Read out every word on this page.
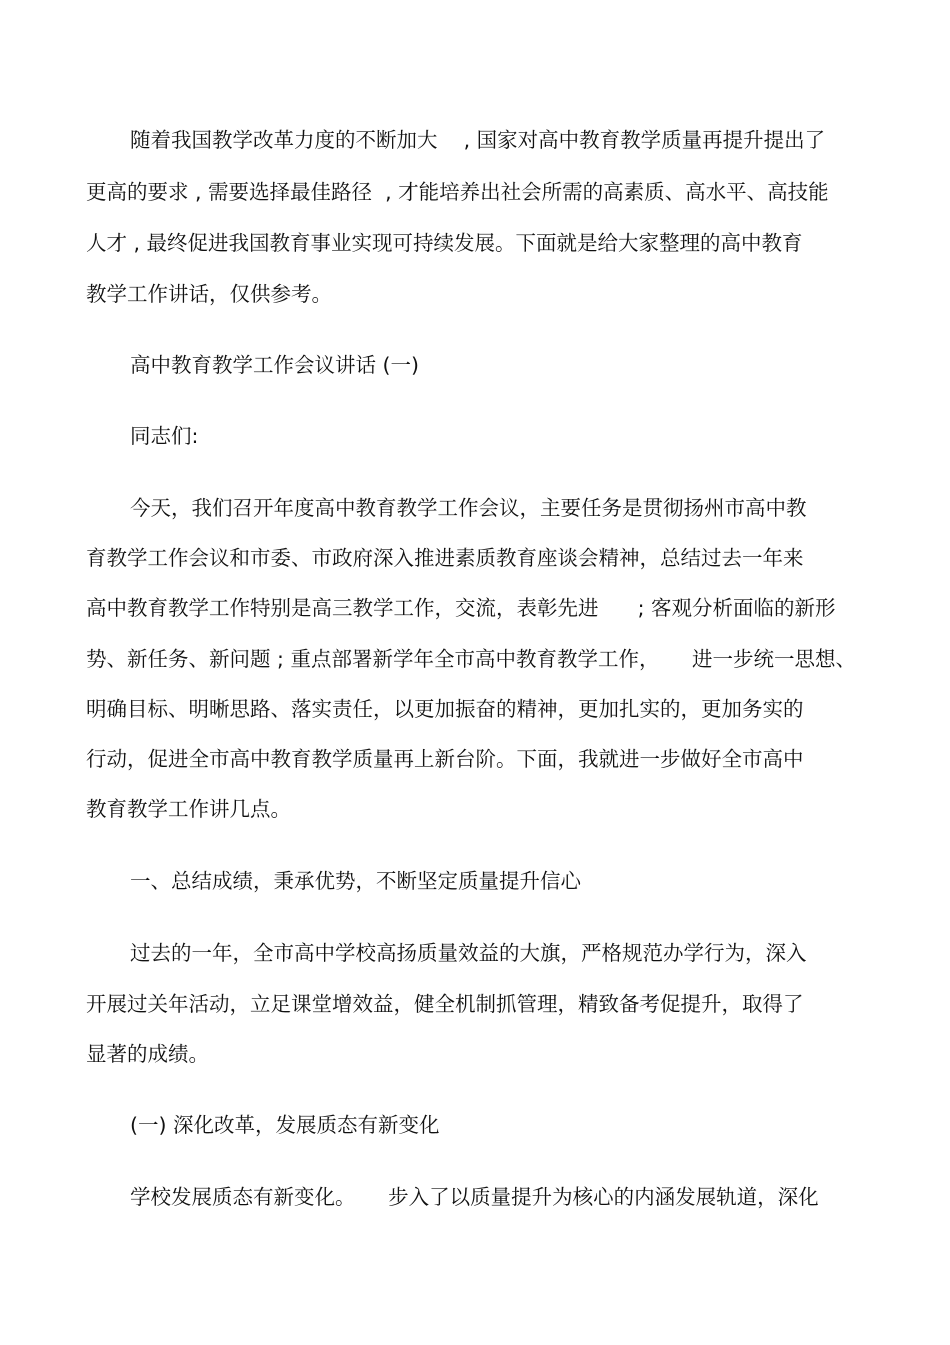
随着我国教学改革力度的不断加大    , 国家对高中教育教学质量再提升提出了
更高的要求 , 需要选择最佳路径  , 才能培养出社会所需的高素质、高水平、高技能
人才 , 最终促进我国教育事业实现可持续发展。下面就是给大家整理的高中教育
教学工作讲话，仅供参考。
高中教育教学工作会议讲话 (一)
同志们:
今天，我们召开年度高中教育教学工作会议，主要任务是贯彻扬州市高中教
育教学工作会议和市委、市政府深入推进素质教育座谈会精神，总结过去一年来
高中教育教学工作特别是高三教学工作，交流，表彰先进      ; 客观分析面临的新形
势、新任务、新问题 ; 重点部署新学年全市高中教育教学工作，     进一步统一思想、
明确目标、明晰思路、落实责任，以更加振奋的精神，更加扎实的，更加务实的
行动，促进全市高中教育教学质量再上新台阶。下面，我就进一步做好全市高中
教育教学工作讲几点。
一、总结成绩，秉承优势，不断坚定质量提升信心
过去的一年，全市高中学校高扬质量效益的大旗，严格规范办学行为，深入
开展过关年活动，立足课堂增效益，健全机制抓管理，精致备考促提升，取得了
显著的成绩。
(一) 深化改革，发展质态有新变化
学校发展质态有新变化。     步入了以质量提升为核心的内涵发展轨道，深化
